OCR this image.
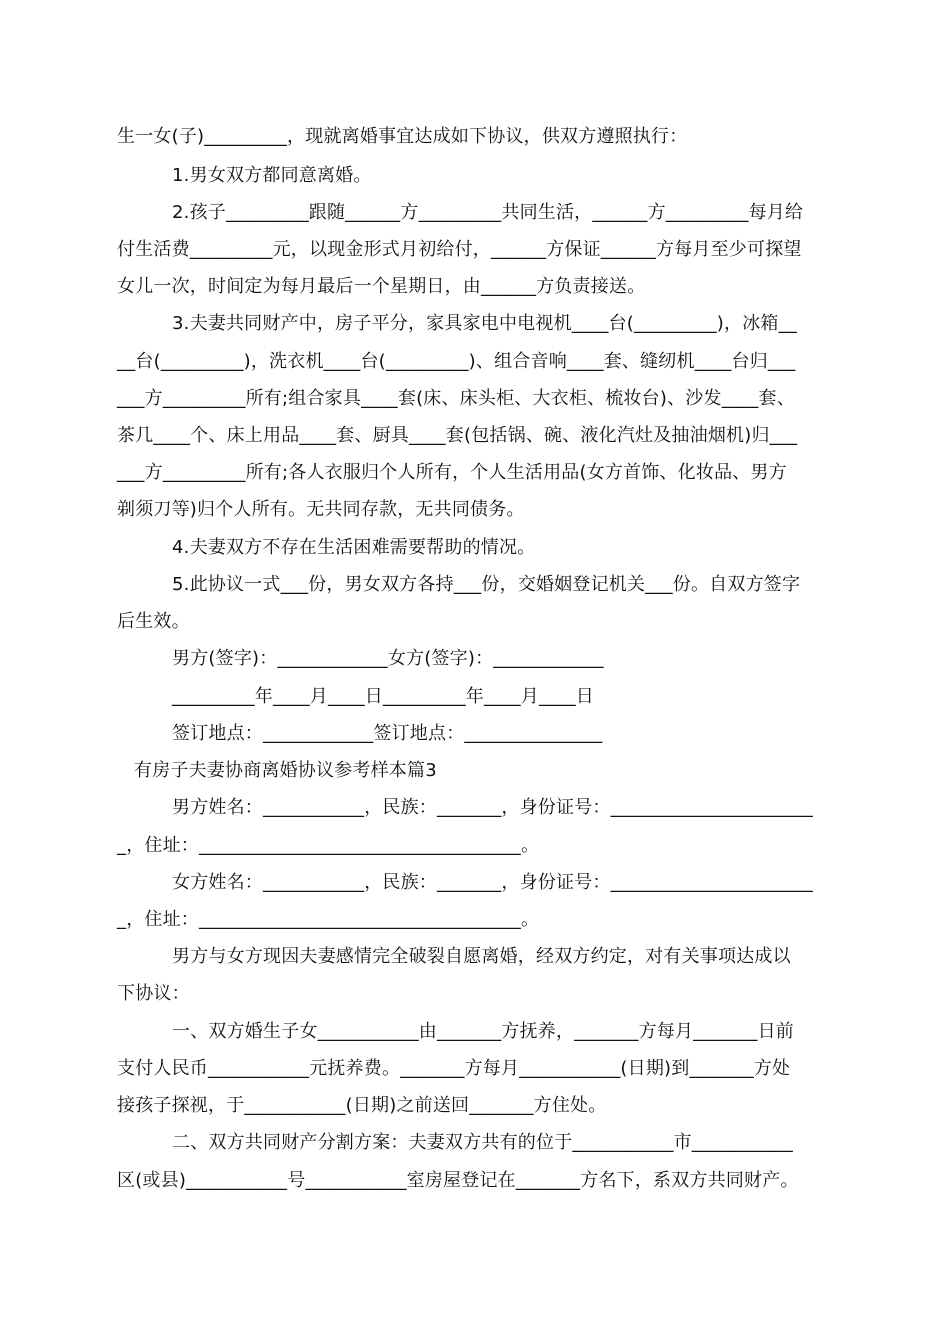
生一女(子)_________，现就离婚事宜达成如下协议，供双方遵照执行：

1.男女双方都同意离婚。

2.孩子_________跟随______方_________共同生活，______方_________每月给

付生活费_________元，以现金形式月初给付，______方保证______方每月至少可探望

女儿一次，时间定为每月最后一个星期日，由______方负责接送。

3.夫妻共同财产中，房子平分，家具家电中电视机____台(_________)，冰箱__

__台(_________)，洗衣机____台(_________)、组合音响____套、缝纫机____台归___

___方_________所有;组合家具____套(床、床头柜、大衣柜、梳妆台)、沙发____套、

茶几____个、床上用品____套、厨具____套(包括锅、碗、液化汽灶及抽油烟机)归___

___方_________所有;各人衣服归个人所有，个人生活用品(女方首饰、化妆品、男方

剃须刀等)归个人所有。无共同存款，无共同债务。

4.夫妻双方不存在生活困难需要帮助的情况。

5.此协议一式___份，男女双方各持___份，交婚姻登记机关___份。自双方签字

后生效。

男方(签字)：____________女方(签字)：____________

_________年____月____日_________年____月____日

签订地点：____________签订地点：_______________

有房子夫妻协商离婚协议参考样本篇3

男方姓名：___________，民族：_______，身份证号：______________________

_，住址：___________________________________。

女方姓名：___________，民族：_______，身份证号：______________________

_，住址：___________________________________。

男方与女方现因夫妻感情完全破裂自愿离婚，经双方约定，对有关事项达成以

下协议：

一、双方婚生子女___________由_______方抚养，_______方每月_______日前

支付人民币___________元抚养费。_______方每月___________(日期)到_______方处

接孩子探视，于___________(日期)之前送回_______方住处。

二、双方共同财产分割方案：夫妻双方共有的位于___________市___________

区(或县)___________号___________室房屋登记在_______方名下，系双方共同财产。
